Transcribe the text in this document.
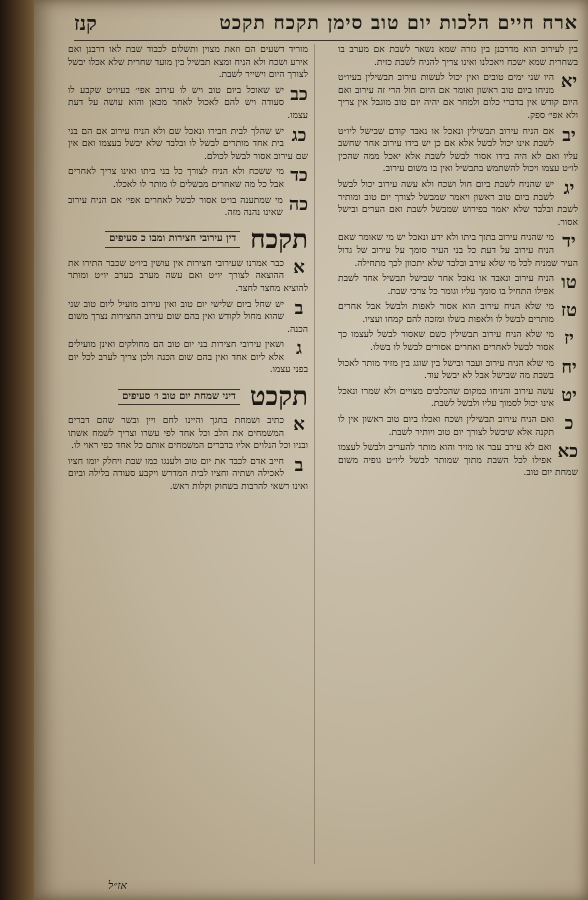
ארח חיים הלכות יום טוב סימן תקכח תקכט
קנז
בין לעירוב הוא מדרבנן בין גזרה שמא נשאר לשבת אם מערב בו בשחרית שמא ישכח ויאכלנו ואינו צריך להניח לשבת כזית.
יא
היו שני ימים טובים ואין יכול לעשות עירוב תבשילין בעיו״ט מניחו ביום טוב ראשון ואומר אם היום חול הרי זה עירוב ואם היום קודש אין בדברי כלום ולמחר אם יהיה יום טוב מוגבל אין צריך ולא אפי׳ ספק.
יב
אם הניח עירוב תבשילין ונאכל או נאבד קודם שבישל ליו״ט לשבת אינו יכול לבשל אלא אם כן יש בידו עירוב אחר שחשב עליו ואם לא היה בידו אסור לבשל לשבת אלא יאכל ממה שהכין לו״ט עצמו ויכול להשתמש בתבשיל ואין בו משום עירוב.
יג
יש שהניח לשבת ביום חול ושכח ולא עשה עירוב יכול לבשל לשבת ביום טוב ראשון ויאמר שמבשל לצורך יום טוב ומותיר לשבת ובלבד שלא יאמר בפירוש שמבשל לשבת ואם הערים ובישל אסור.
יד
מי שהניח עירוב בתוך ביתו ולא ידע ונאכל יש מי שאומר שאם הניח עירוב על דעת כל בני העיר סומך על עירוב של גדול העיר שמניח לכל מי שלא עירב ובלבד שלא יתכוון לכך מתחילה.
טו
הניח עירוב ונאבד או נאכל אחר שבישל תבשיל אחד לשבת אפילו התחיל בו סומך עליו וגומר כל צרכי שבת.
טז
מי שלא הניח עירוב הוא אסור לאפות ולבשל אבל אחרים מותרים לבשל לו ולאפות בשלו ומזכה להם קמחו ועציו.
יז
מי שלא הניח עירוב תבשילין כשם שאסור לבשל לעצמו כך אסור לבשל לאחרים ואחרים אסורים לבשל לו בשלו.
יח
מי שלא הניח עירוב ועבר ובישל בין שוגג בין מזיד מותר לאכול בשבת מה שבישל אבל לא יבשל עוד.
יט
עשה עירוב והניחו במקום שהכלבים מצויים ולא שמרו ונאכל אינו יכול לסמוך עליו ולבשל לשבת.
כ
ואם הניח עירוב תבשילין ושכח ואכלו ביום טוב ראשון אין לו תקנה אלא שיבשל לצורך יום טוב ויותיר לשבת.
כא
ואם לא עירב עבר או מזיד והוא מותר להעריב ולבשל לעצמו אפילו לכל השבת מתוך שמותר לבשל ליו״ט גופיה משום שמחת יום טוב.
מוריד דשעים הם וזאת מצוין ותשלום לכבוד שבת לאו דרבנן ואם אירע ושכח ולא הניח ומצא תבשיל בין מועד שחרית שלא אכלו יבשל לצורך היום וישייר לשבת.
כב
יש שאוכל ביום טוב ויש לו עירוב אפי׳ בעיו״ט שקבע לו סעודה ויש להם לאכול לאחר מכאן והוא עושה על דעת עצמו.
כג
יש שהלך לבית חבירו ונאכל שם ולא הניח עירוב אם הם בני בית אחד מותרים לבשל לו ובלבד שלא יבשל בעצמו ואם אין שם עירוב אסור לבשל לכולם.
כד
מי ששכח ולא הניח לצורך כל בני ביתו ואינו צריך לאחרים אבל כל מה שאחרים מבשלים לו מותר לו לאכלו.
כה
מי שמתענה בו״ט אסור לבשל לאחרים אפי׳ אם הניח עירוב שאינו נהנה מזה.
תקכח
דין עירובי חצירות ומבו כ סעיפים
א
כבר אמרנו שעירובי חצירות אין עושין ביו״ט שכבר התירו את ההוצאה לצורך יו״ט ואם עשה מערב בערב יו״ט ומותר להוציא מחצר לחצר.
ב
יש שחל ביום שלישי יום טוב ואין עירוב מועיל ליום טוב שני שהוא מחול לקודש ואין בהם שום עירוב החצירות נצרך משום הכנה.
ג
ושאין עירובי חצירות בני יום טוב הם מחולקים ואינן מועילים אלא ליום אחד ואין בהם שום הכנה ולכן צריך לערב לכל יום בפני עצמו.
תקכט
דיני שמחת יום טוב ו׳ סעיפים
א
כתיב ושמחת בחגך והיינו לחם ויין ובשר שהם דברים המשמחים את הלב וכל אחד לפי עשרו וצריך לשמח אשתו ובניו וכל הנלוים אליו בדברים המשמחים אותם כל אחד כפי ראוי לו.
ב
חייב אדם לכבד את יום טוב ולענגו כמו שבת ויחלק יומו חציו לאכילה ושתיה וחציו לבית המדרש ויקבע סעודה בלילה וביום ואינו רשאי להרבות בשחוק וקלות ראש.
אז״ל
